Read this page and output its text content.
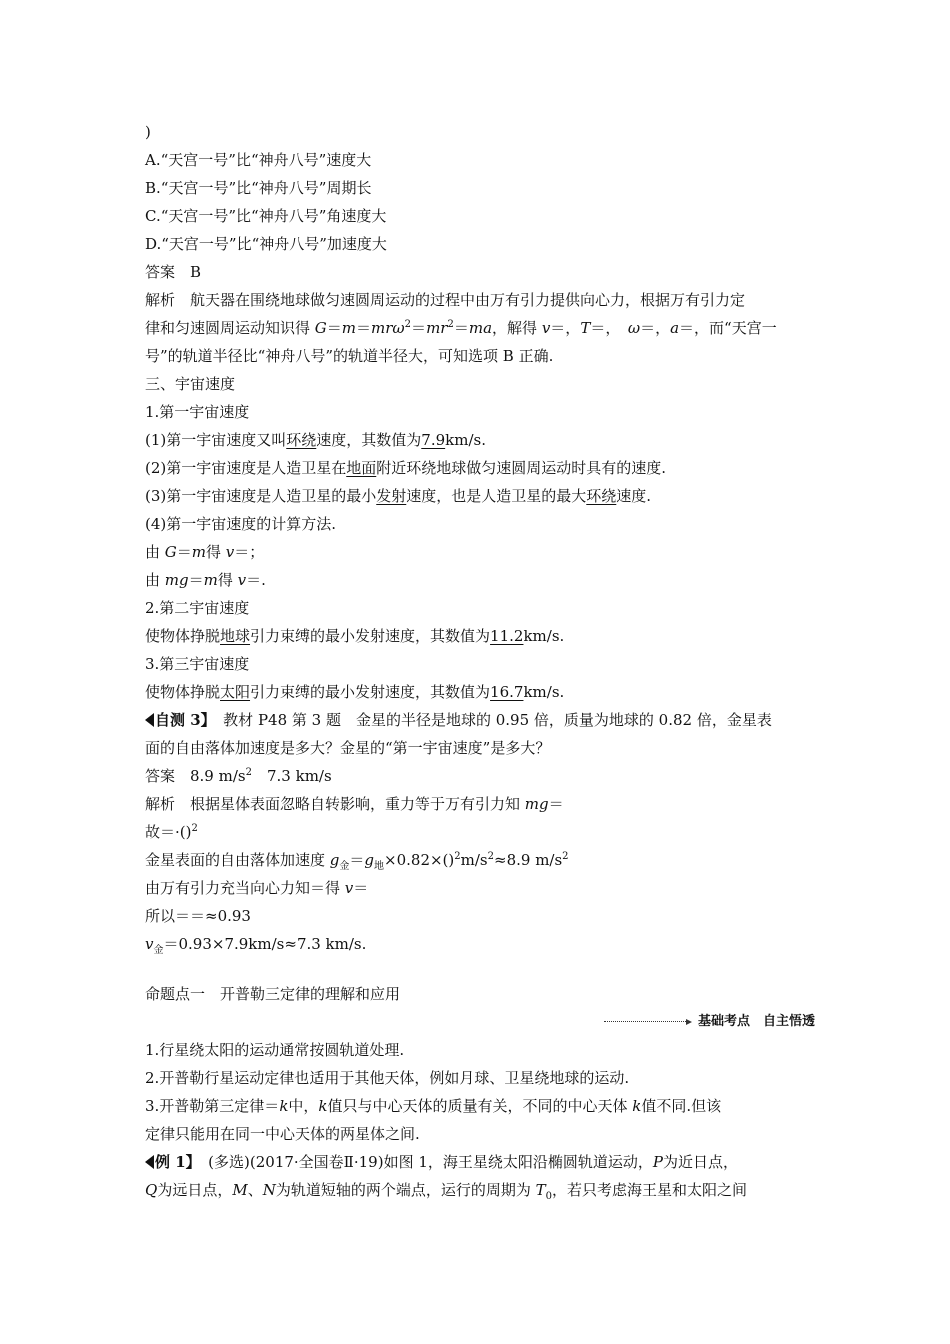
)
A.“天宫一号”比“神舟八号”速度大
B.“天宫一号”比“神舟八号”周期长
C.“天宫一号”比“神舟八号”角速度大
D.“天宫一号”比“神舟八号”加速度大
答案　B
解析　航天器在围绕地球做匀速圆周运动的过程中由万有引力提供向心力，根据万有引力定
律和匀速圆周运动知识得 $G=m=mr\omega^2=mr^2=ma$，解得 v＝，T＝，　ω＝，a＝，而“天宫一
号”的轨道半径比“神舟八号”的轨道半径大，可知选项 B 正确.
三、宇宙速度
1.第一宇宙速度
(1)第一宇宙速度又叫环绕速度，其数值为7.9km/s.
(2)第一宇宙速度是人造卫星在地面附近环绕地球做匀速圆周运动时具有的速度.
(3)第一宇宙速度是人造卫星的最小发射速度，也是人造卫星的最大环绕速度.
(4)第一宇宙速度的计算方法.
由 G＝m得 v＝；
由 mg＝m得 v＝.
2.第二宇宙速度
使物体挣脱地球引力束缚的最小发射速度，其数值为11.2km/s.
3.第三宇宙速度
使物体挣脱太阳引力束缚的最小发射速度，其数值为16.7km/s.
自测 3】　教材 P48 第 3 题　金星的半径是地球的 0.95 倍，质量为地球的 0.82 倍，金星表
面的自由落体加速度是多大？金星的“第一宇宙速度”是多大？
答案　8.9 $m/s^2$　7.3 km/s
解析　根据星体表面忽略自转影响，重力等于万有引力知 mg＝
故＝·()$^2$
金星表面的自由落体加速度 $g_金=g_地\times 0.82\times()^2m/s^2\approx 8.9$ $m/s^2$
由万有引力充当向心力知＝得 v＝
所以＝＝≈0.93
$v_金=0.93\times 7.9km/s\approx 7.3$ km/s.
命题点一　开普勒三定律的理解和应用
基础考点　自主悟透
1.行星绕太阳的运动通常按圆轨道处理.
2.开普勒行星运动定律也适用于其他天体，例如月球、卫星绕地球的运动.
3.开普勒第三定律＝k中，k值只与中心天体的质量有关，不同的中心天体 k值不同.但该
定律只能用在同一中心天体的两星体之间.
例 1】　(多选)(2017·全国卷Ⅱ·19)如图 1，海王星绕太阳沿椭圆轨道运动，P为近日点，
Q为远日点，M、N为轨道短轴的两个端点，运行的周期为 $T_0$，若只考虑海王星和太阳之间
